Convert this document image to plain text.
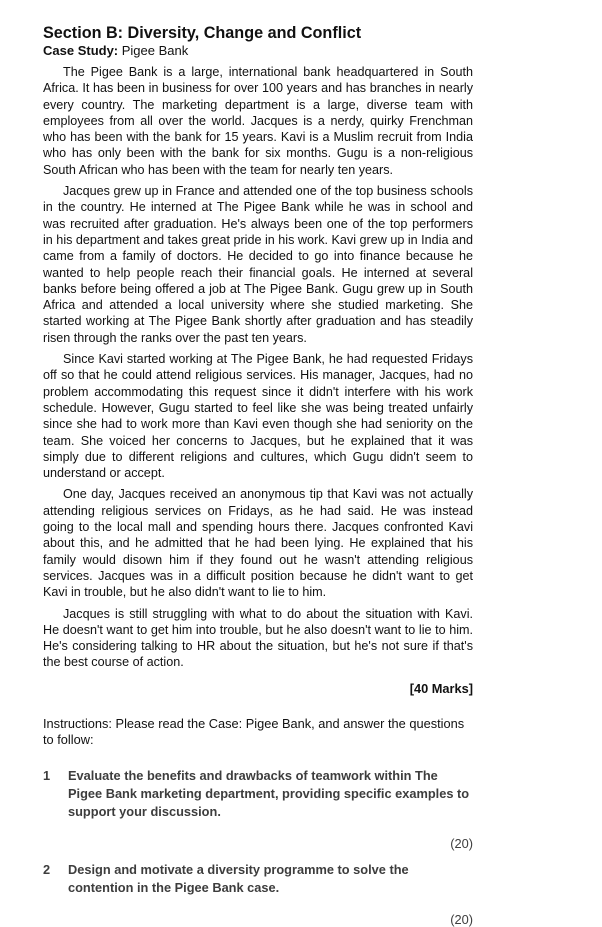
Section B: Diversity, Change and Conflict

Case Study: Pigee Bank

The Pigee Bank is a large, international bank headquartered in South Africa. It has been in business for over 100 years and has branches in nearly every country. The marketing department is a large, diverse team with employees from all over the world. Jacques is a nerdy, quirky Frenchman who has been with the bank for 15 years. Kavi is a Muslim recruit from India who has only been with the bank for six months. Gugu is a non-religious South African who has been with the team for nearly ten years.

Jacques grew up in France and attended one of the top business schools in the country. He interned at The Pigee Bank while he was in school and was recruited after graduation. He's always been one of the top performers in his department and takes great pride in his work. Kavi grew up in India and came from a family of doctors. He decided to go into finance because he wanted to help people reach their financial goals. He interned at several banks before being offered a job at The Pigee Bank. Gugu grew up in South Africa and attended a local university where she studied marketing. She started working at The Pigee Bank shortly after graduation and has steadily risen through the ranks over the past ten years.

Since Kavi started working at The Pigee Bank, he had requested Fridays off so that he could attend religious services. His manager, Jacques, had no problem accommodating this request since it didn't interfere with his work schedule. However, Gugu started to feel like she was being treated unfairly since she had to work more than Kavi even though she had seniority on the team. She voiced her concerns to Jacques, but he explained that it was simply due to different religions and cultures, which Gugu didn't seem to understand or accept.

One day, Jacques received an anonymous tip that Kavi was not actually attending religious services on Fridays, as he had said. He was instead going to the local mall and spending hours there. Jacques confronted Kavi about this, and he admitted that he had been lying. He explained that his family would disown him if they found out he wasn't attending religious services. Jacques was in a difficult position because he didn't want to get Kavi in trouble, but he also didn't want to lie to him.

Jacques is still struggling with what to do about the situation with Kavi. He doesn't want to get him into trouble, but he also doesn't want to lie to him. He's considering talking to HR about the situation, but he's not sure if that's the best course of action.

[40 Marks]

Instructions: Please read the Case: Pigee Bank, and answer the questions to follow:

1	Evaluate the benefits and drawbacks of teamwork within The Pigee Bank marketing department, providing specific examples to support your discussion.
(20)
2	Design and motivate a diversity programme to solve the contention in the Pigee Bank case.
(20)
